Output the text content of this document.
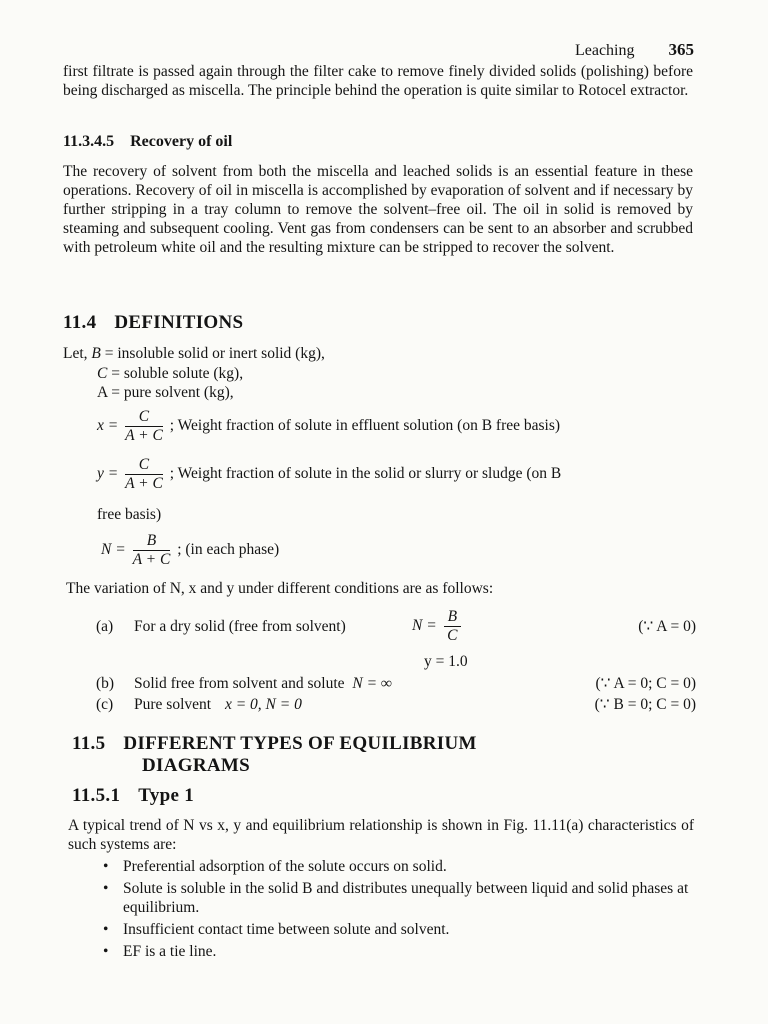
Leaching 365

first filtrate is passed again through the filter cake to remove finely divided solids (polishing) before being discharged as miscella. The principle behind the operation is quite similar to Rotocel extractor.

11.3.4.5 Recovery of oil

The recovery of solvent from both the miscella and leached solids is an essential feature in these operations. Recovery of oil in miscella is accomplished by evaporation of solvent and if necessary by further stripping in a tray column to remove the solvent–free oil. The oil in solid is removed by steaming and subsequent cooling. Vent gas from condensers can be sent to an absorber and scrubbed with petroleum white oil and the resulting mixture can be stripped to recover the solvent.

11.4 DEFINITIONS
Let, B = insoluble solid or inert solid (kg),
C = soluble solute (kg),
A = pure solvent (kg),
$x = \frac{C}{A + C}$ ; Weight fraction of solute in effluent solution (on B free basis)
$y = \frac{C}{A + C}$ ; Weight fraction of solute in the solid or slurry or sludge (on B
free basis)
$N = \frac{B}{A + C}$ ; (in each phase)

The variation of N, x and y under different conditions are as follows:

(a) For a dry solid (free from solvent)	$N = \frac{B}{C}$	(∵ A = 0)
y = 1.0
(b) Solid free from solvent and solute N = ∞	(∵ A = 0; C = 0)
(c) Pure solvent x = 0, N = 0	(∵ B = 0; C = 0)
11.5 DIFFERENT TYPES OF EQUILIBRIUM
DIAGRAMS
11.5.1 Type 1

A typical trend of N vs x, y and equilibrium relationship is shown in Fig. 11.11(a) characteristics of such systems are:

• Preferential adsorption of the solute occurs on solid.
• Solute is soluble in the solid B and distributes unequally between liquid and solid phases at equilibrium.
• Insufficient contact time between solute and solvent.
• EF is a tie line.
